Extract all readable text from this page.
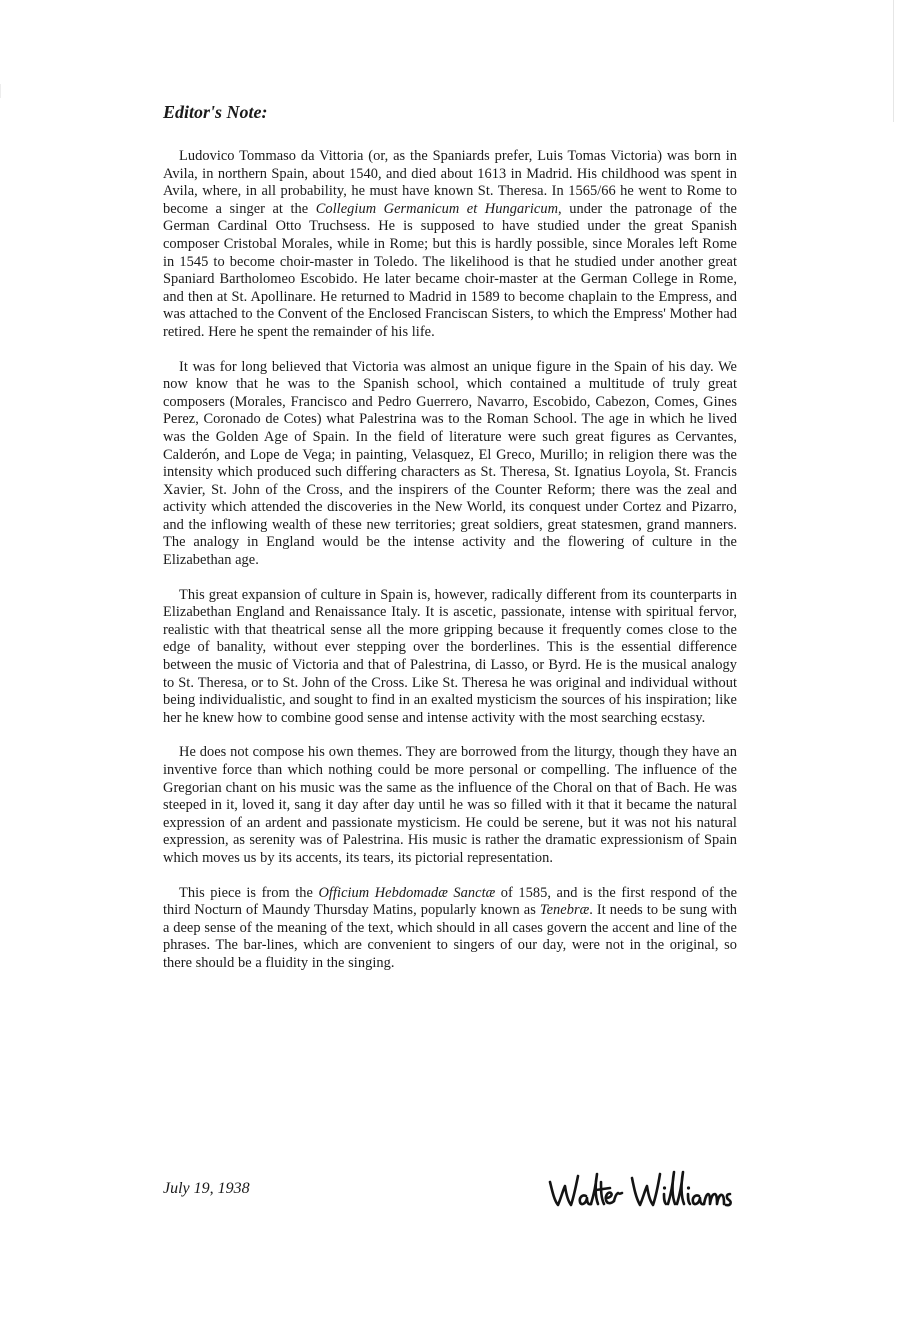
Editor's Note:

Ludovico Tommaso da Vittoria (or, as the Spaniards prefer, Luis Tomas Victoria) was born in Avila, in northern Spain, about 1540, and died about 1613 in Madrid. His childhood was spent in Avila, where, in all probability, he must have known St. Theresa. In 1565/66 he went to Rome to become a singer at the Collegium Germanicum et Hungaricum, under the patronage of the German Cardinal Otto Truchsess. He is supposed to have studied under the great Spanish composer Cristobal Morales, while in Rome; but this is hardly possible, since Morales left Rome in 1545 to become choir-master in Toledo. The likelihood is that he studied under another great Spaniard Bartholomeo Escobido. He later became choir-master at the German College in Rome, and then at St. Apollinare. He returned to Madrid in 1589 to become chaplain to the Empress, and was attached to the Convent of the Enclosed Franciscan Sisters, to which the Empress' Mother had retired. Here he spent the remainder of his life.

It was for long believed that Victoria was almost an unique figure in the Spain of his day. We now know that he was to the Spanish school, which contained a multitude of truly great composers (Morales, Francisco and Pedro Guerrero, Navarro, Escobido, Cabezon, Comes, Gines Perez, Coronado de Cotes) what Palestrina was to the Roman School. The age in which he lived was the Golden Age of Spain. In the field of literature were such great figures as Cervantes, Calderón, and Lope de Vega; in painting, Velasquez, El Greco, Murillo; in religion there was the intensity which produced such differing characters as St. Theresa, St. Ignatius Loyola, St. Francis Xavier, St. John of the Cross, and the inspirers of the Counter Reform; there was the zeal and activity which attended the discoveries in the New World, its conquest under Cortez and Pizarro, and the inflowing wealth of these new territories; great soldiers, great statesmen, grand manners. The analogy in England would be the intense activity and the flowering of culture in the Elizabethan age.

This great expansion of culture in Spain is, however, radically different from its counterparts in Elizabethan England and Renaissance Italy. It is ascetic, passionate, intense with spiritual fervor, realistic with that theatrical sense all the more gripping because it frequently comes close to the edge of banality, without ever stepping over the borderlines. This is the essential difference between the music of Victoria and that of Palestrina, di Lasso, or Byrd. He is the musical analogy to St. Theresa, or to St. John of the Cross. Like St. Theresa he was original and individual without being individualistic, and sought to find in an exalted mysticism the sources of his inspiration; like her he knew how to combine good sense and intense activity with the most searching ecstasy.

He does not compose his own themes. They are borrowed from the liturgy, though they have an inventive force than which nothing could be more personal or compelling. The influence of the Gregorian chant on his music was the same as the influence of the Choral on that of Bach. He was steeped in it, loved it, sang it day after day until he was so filled with it that it became the natural expression of an ardent and passionate mysticism. He could be serene, but it was not his natural expression, as serenity was of Palestrina. His music is rather the dramatic expressionism of Spain which moves us by its accents, its tears, its pictorial representation.

This piece is from the Officium Hebdomadæ Sanctæ of 1585, and is the first respond of the third Nocturn of Maundy Thursday Matins, popularly known as Tenebræ. It needs to be sung with a deep sense of the meaning of the text, which should in all cases govern the accent and line of the phrases. The bar-lines, which are convenient to singers of our day, were not in the original, so there should be a fluidity in the singing.

July 19, 1938
